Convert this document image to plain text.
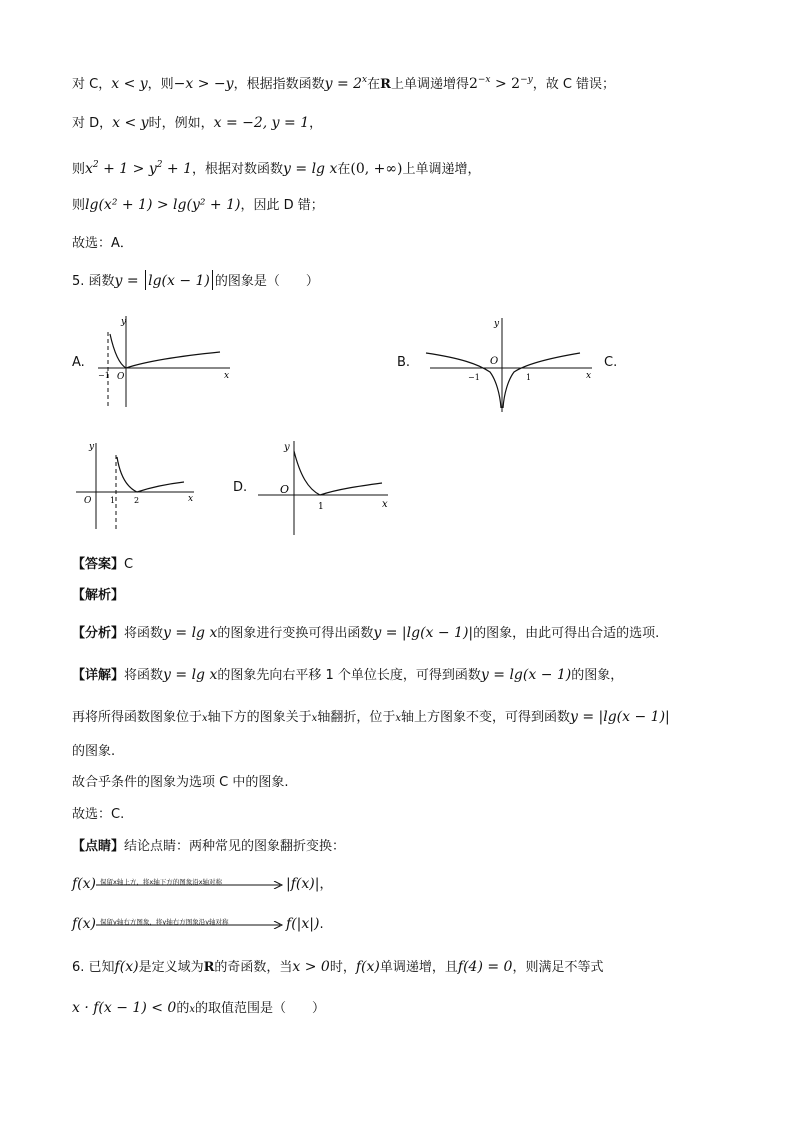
对 C，x < y，则−x > −y，根据指数函数$y = 2^x$在R上单调递增得$2^{-x} > 2^{-y}$，故 C 错误；
对 D，x < y时，例如，x = −2, y = 1，
则$x^2 + 1 > y^2 + 1$，根据对数函数y = lg x在(0, +∞)上单调递增，
则lg(x² + 1) > lg(y² + 1)，因此 D 错；
故选：A．
5. 函数y = lg(x − 1) 的图象是（　　）
A.	B.	C.
D.
y
x
O
−1
y
x
O
−1	1
y
x
O 1 2
y
x
O
1
【答案】C
【解析】
【分析】将函数y = lg x的图象进行变换可得出函数y = |lg(x − 1)|的图象，由此可得出合适的选项.
【详解】将函数y = lg x的图象先向右平移 1 个单位长度，可得到函数y = lg(x − 1)的图象，
再将所得函数图象位于x轴下方的图象关于x轴翻折，位于x轴上方图象不变，可得到函数y = |lg(x − 1)|
的图象.
故合乎条件的图象为选项 C 中的图象.
故选：C.
【点睛】结论点睛：两种常见的图象翻折变换：
f(x) 保留x轴上方，将x轴下方的图象沿x轴对称	|f(x)|，
f(x) 保留y轴右方图象，将y轴右方图象沿y轴对称	f(|x|).
6. 已知f(x)是定义域为R的奇函数，当x > 0时，f(x)单调递增，且f(4) = 0，则满足不等式
x · f(x − 1) < 0的x的取值范围是（　　）
